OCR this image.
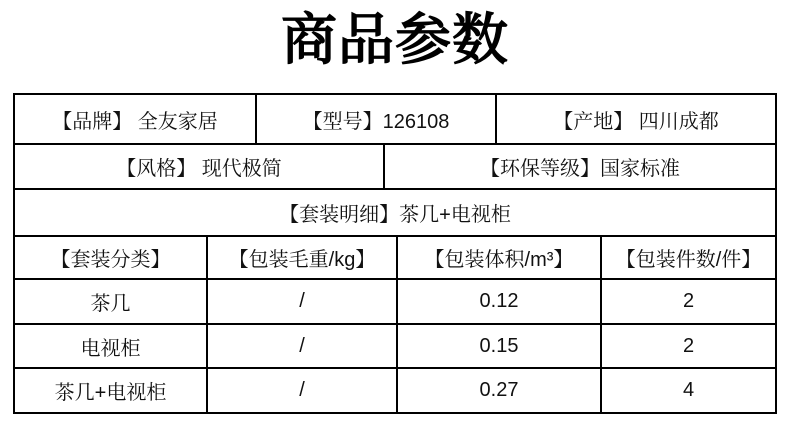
商品参数
【品牌】 全友家居	【型号】126108	【产地】 四川成都
【风格】 现代极简	【环保等级】国家标准
【套装明细】茶几+电视柜
【套装分类】	【包装毛重/kg】	【包装体积/m³】	【包装件数/件】
茶几	/	0.12	2
电视柜	/	0.15	2
茶几+电视柜	/	0.27	4
